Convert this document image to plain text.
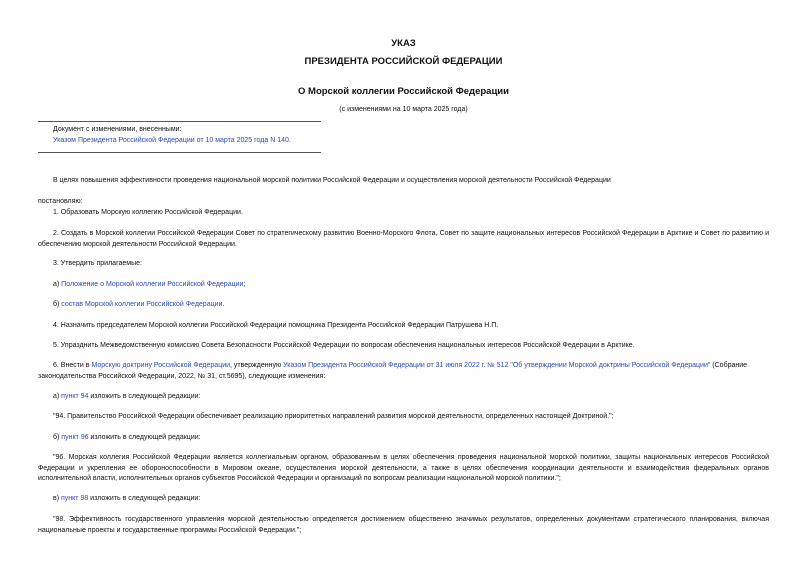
УКАЗ
ПРЕЗИДЕНТА РОССИЙСКОЙ ФЕДЕРАЦИИ
О Морской коллегии Российской Федерации
(с изменениями на 10 марта 2025 года)
Документ с изменениями, внесенными:
Указом Президента Российской Федерации от 10 марта 2025 года N 140.
В целях повышения эффективности проведения национальной морской политики Российской Федерации и осуществления морской деятельности Российской Федерации
постановляю:
1. Образовать Морскую коллегию Российской Федерации.
2. Создать в Морской коллегии Российской Федерации Совет по стратегическому развитию Военно-Морского Флота, Совет по защите национальных интересов Российской Федерации в Арктике и Совет по развитию и обеспечению морской деятельности Российской Федерации.
3. Утвердить прилагаемые:
а) Положение о Морской коллегии Российской Федерации;
б) состав Морской коллегии Российской Федерации.
4. Назначить председателем Морской коллегии Российской Федерации помощника Президента Российской Федерации Патрушева Н.П.
5. Упразднить Межведомственную комиссию Совета Безопасности Российской Федерации по вопросам обеспечения национальных интересов Российской Федерации в Арктике.
6. Внести в Морскую доктрину Российской Федерации, утвержденную Указом Президента Российской Федерации от 31 июля 2022 г. № 512 "Об утверждении Морской доктрины Российской Федерации" (Собрание законодательства Российской Федерации, 2022, № 31, ст.5695), следующие изменения:
а) пункт 94 изложить в следующей редакции:
"94. Правительство Российской Федерации обеспечивает реализацию приоритетных направлений развития морской деятельности, определенных настоящей Доктриной.";
б) пункт 96 изложить в следующей редакции:
"96. Морская коллегия Российской Федерации является коллегиальным органом, образованным в целях обеспечения проведения национальной морской политики, защиты национальных интересов Российской Федерации и укрепления ее обороноспособности в Мировом океане, осуществления морской деятельности, а также в целях обеспечения координации деятельности и взаимодействия федеральных органов исполнительной власти, исполнительных органов субъектов Российской Федерации и организаций по вопросам реализации национальной морской политики.";
в) пункт 98 изложить в следующей редакции:
"98. Эффективность государственного управления морской деятельностью определяется достижением общественно значимых результатов, определенных документами стратегического планирования, включая национальные проекты и государственные программы Российской Федерации.";
